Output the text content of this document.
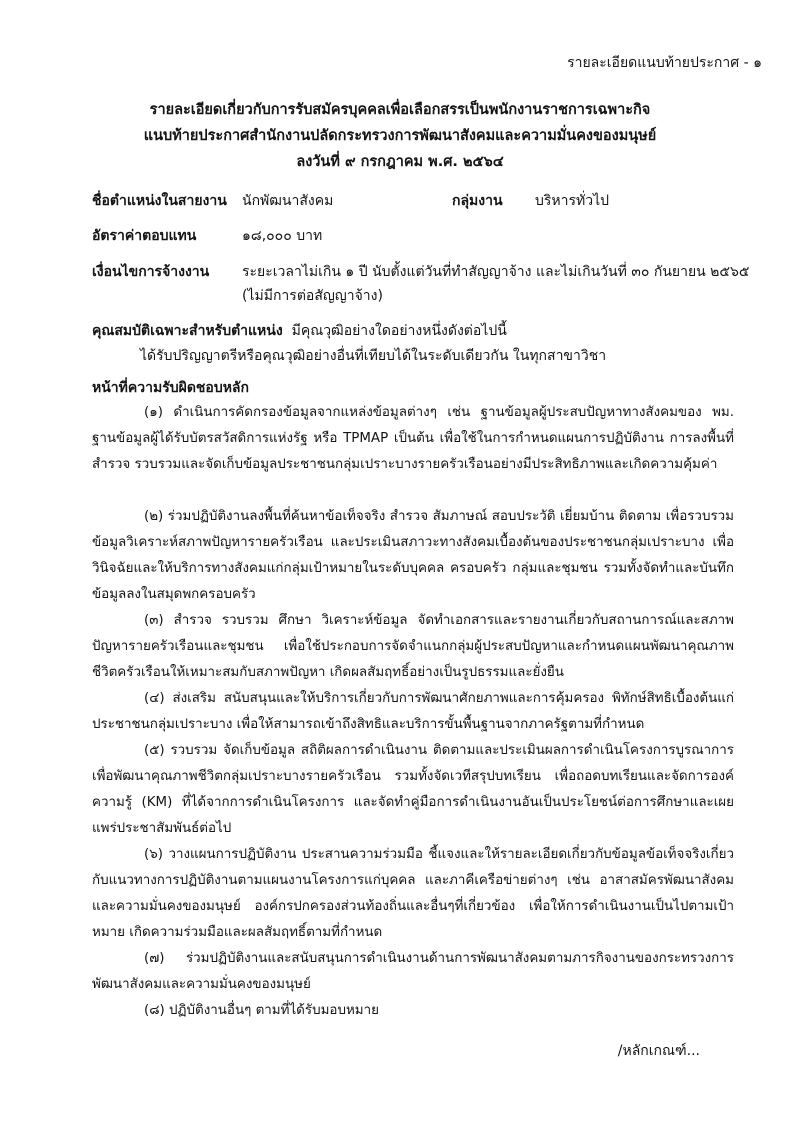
รายละเอียดแนบท้ายประกาศ - ๑
รายละเอียดเกี่ยวกับการรับสมัครบุคคลเพื่อเลือกสรรเป็นพนักงานราชการเฉพาะกิจ
แนบท้ายประกาศสำนักงานปลัดกระทรวงการพัฒนาสังคมและความมั่นคงของมนุษย์
ลงวันที่ ๙ กรกฎาคม พ.ศ. ๒๕๖๔
ชื่อตำแหน่งในสายงาน นักพัฒนาสังคม	กลุ่มงาน บริหารทั่วไป
อัตราค่าตอบแทน	๑๘,๐๐๐ บาท
เงื่อนไขการจ้างงาน ระยะเวลาไม่เกิน ๑ ปี นับตั้งแต่วันที่ทำสัญญาจ้าง และไม่เกินวันที่ ๓๐ กันยายน ๒๕๖๕
(ไม่มีการต่อสัญญาจ้าง)
คุณสมบัติเฉพาะสำหรับตำแหน่ง มีคุณวุฒิอย่างใดอย่างหนึ่งดังต่อไปนี้
ได้รับปริญญาตรีหรือคุณวุฒิอย่างอื่นที่เทียบได้ในระดับเดียวกัน ในทุกสาขาวิชา
หน้าที่ความรับผิดชอบหลัก
(๑) ดำเนินการคัดกรองข้อมูลจากแหล่งข้อมูลต่างๆ เช่น ฐานข้อมูลผู้ประสบปัญหาทางสังคมของ พม. ฐานข้อมูลผู้ได้รับบัตรสวัสดิการแห่งรัฐ หรือ TPMAP เป็นต้น เพื่อใช้ในการกำหนดแผนการปฏิบัติงาน การลงพื้นที่สำรวจ รวบรวมและจัดเก็บข้อมูลประชาชนกลุ่มเปราะบางรายครัวเรือนอย่างมีประสิทธิภาพและเกิดความคุ้มค่า
(๒) ร่วมปฏิบัติงานลงพื้นที่ค้นหาข้อเท็จจริง สำรวจ สัมภาษณ์ สอบประวัติ เยี่ยมบ้าน ติดตาม เพื่อรวบรวมข้อมูลวิเคราะห์สภาพปัญหารายครัวเรือน และประเมินสภาวะทางสังคมเบื้องต้นของประชาชนกลุ่มเปราะบาง เพื่อวินิจฉัยและให้บริการทางสังคมแก่กลุ่มเป้าหมายในระดับบุคคล ครอบครัว กลุ่มและชุมชน รวมทั้งจัดทำและบันทึกข้อมูลลงในสมุดพกครอบครัว
(๓) สำรวจ รวบรวม ศึกษา วิเคราะห์ข้อมูล จัดทำเอกสารและรายงานเกี่ยวกับสถานการณ์และสภาพปัญหารายครัวเรือนและชุมชน เพื่อใช้ประกอบการจัดจำแนกกลุ่มผู้ประสบปัญหาและกำหนดแผนพัฒนาคุณภาพชีวิตครัวเรือนให้เหมาะสมกับสภาพปัญหา เกิดผลสัมฤทธิ์อย่างเป็นรูปธรรมและยั่งยืน
(๔) ส่งเสริม สนับสนุนและให้บริการเกี่ยวกับการพัฒนาศักยภาพและการคุ้มครอง พิทักษ์สิทธิเบื้องต้นแก่ประชาชนกลุ่มเปราะบาง เพื่อให้สามารถเข้าถึงสิทธิและบริการขั้นพื้นฐานจากภาครัฐตามที่กำหนด
(๕) รวบรวม จัดเก็บข้อมูล สถิติผลการดำเนินงาน ติดตามและประเมินผลการดำเนินโครงการบูรณาการเพื่อพัฒนาคุณภาพชีวิตกลุ่มเปราะบางรายครัวเรือน รวมทั้งจัดเวทีสรุปบทเรียน เพื่อถอดบทเรียนและจัดการองค์ความรู้ (KM) ที่ได้จากการดำเนินโครงการ และจัดทำคู่มือการดำเนินงานอันเป็นประโยชน์ต่อการศึกษาและเผยแพร่ประชาสัมพันธ์ต่อไป
(๖) วางแผนการปฏิบัติงาน ประสานความร่วมมือ ชี้แจงและให้รายละเอียดเกี่ยวกับข้อมูลข้อเท็จจริงเกี่ยวกับแนวทางการปฏิบัติงานตามแผนงานโครงการแก่บุคคล และภาคีเครือข่ายต่างๆ เช่น อาสาสมัครพัฒนาสังคมและความมั่นคงของมนุษย์ องค์กรปกครองส่วนท้องถิ่นและอื่นๆที่เกี่ยวข้อง เพื่อให้การดำเนินงานเป็นไปตามเป้าหมาย เกิดความร่วมมือและผลสัมฤทธิ์ตามที่กำหนด
(๗) ร่วมปฏิบัติงานและสนับสนุนการดำเนินงานด้านการพัฒนาสังคมตามภารกิจงานของกระทรวงการพัฒนาสังคมและความมั่นคงของมนุษย์
(๘) ปฏิบัติงานอื่นๆ ตามที่ได้รับมอบหมาย
/หลักเกณฑ์...
